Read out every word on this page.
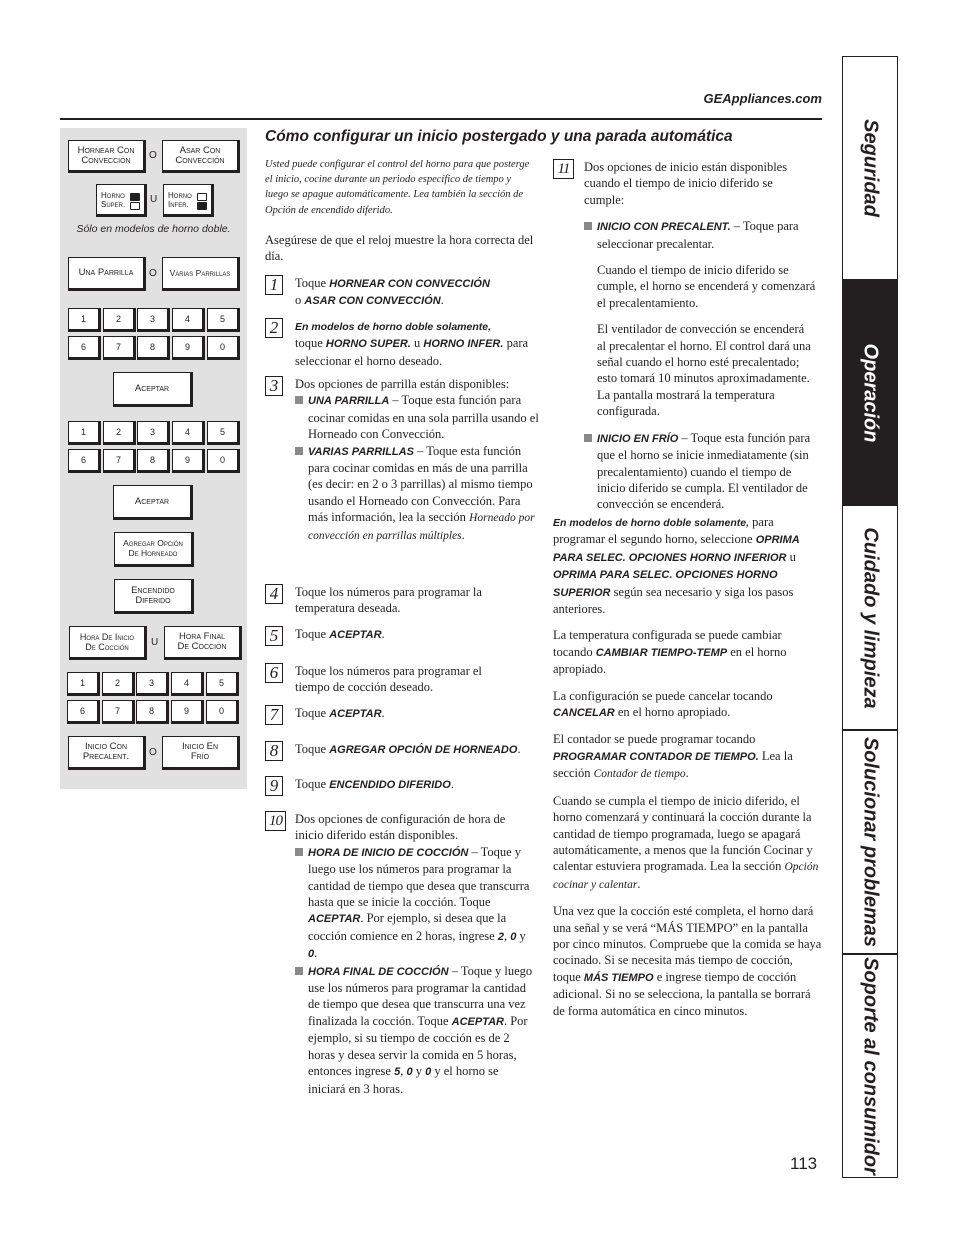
GEAppliances.com
Hornear Con
Convección	O	Asar Con
Convección
Horno
Super. U Horno
Infer.
Una Parrilla O Varias Parrillas
1	2	3	4	5
6	7	8	9	0
Aceptar
1	2	3	4	5
6	7	8	9	0
Aceptar
Agregar Opción
De Horneado
Encendido
Diferido
Hora De Inicio
De Cocción	U
Hora Final
De Cocción
1	2	3	4	5
6	7	8	9	0
Inicio Con
Precalent. O
Inicio En
Frío
Sólo en modelos de horno doble.
Cómo configurar un inicio postergado y una parada automática
Usted puede configurar el control del horno para que posterge el inicio, cocine durante un periodo específico de tiempo y luego se apague automáticamente. Lea también la sección de Opción de encendido diferido.
Asegúrese de que el reloj muestre la hora correcta del día.
1	Toque HORNEAR CON CONVECCIÓN
o ASAR CON CONVECCIÓN.
2	En modelos de horno doble solamente,
toque HORNO SUPER. u HORNO INFER. para seleccionar el horno deseado.
3	Dos opciones de parrilla están disponibles:

UNA PARRILLA – Toque esta función para cocinar comidas en una sola parrilla usando el Horneado con Convección.

VARIAS PARRILLAS – Toque esta función para cocinar comidas en más de una parrilla (es decir: en 2 o 3 parrillas) al mismo tiempo usando el Horneado con Convección. Para más información, lea la sección Horneado por convección en parrillas múltiples.

4	Toque los números para programar la temperatura deseada.
5	Toque ACEPTAR.
6	Toque los números para programar el tiempo de cocción deseado.
7	Toque ACEPTAR.
8	Toque AGREGAR OPCIÓN DE HORNEADO.
9	Toque ENCENDIDO DIFERIDO.
10	Dos opciones de configuración de hora de inicio diferido están disponibles.

HORA DE INICIO DE COCCIÓN – Toque y luego use los números para programar la cantidad de tiempo que desea que transcurra hasta que se inicie la cocción. Toque ACEPTAR. Por ejemplo, si desea que la cocción comience en 2 horas, ingrese 2, 0 y 0.

HORA FINAL DE COCCIÓN – Toque y luego use los números para programar la cantidad de tiempo que desea que transcurra una vez finalizada la cocción. Toque ACEPTAR. Por ejemplo, si su tiempo de cocción es de 2 horas y desea servir la comida en 5 horas, entonces ingrese 5, 0 y 0 y el horno se iniciará en 3 horas.

11	Dos opciones de inicio están disponibles cuando el tiempo de inicio diferido se cumple:

INICIO CON PRECALENT. – Toque para seleccionar precalentar.

Cuando el tiempo de inicio diferido se cumple, el horno se encenderá y comenzará el precalentamiento.

El ventilador de convección se encenderá al precalentar el horno. El control dará una señal cuando el horno esté precalentado; esto tomará 10 minutos aproximadamente. La pantalla mostrará la temperatura configurada.

INICIO EN FRÍO – Toque esta función para que el horno se inicie inmediatamente (sin precalentamiento) cuando el tiempo de inicio diferido se cumpla. El ventilador de convección se encenderá.

En modelos de horno doble solamente, para programar el segundo horno, seleccione OPRIMA PARA SELEC. OPCIONES HORNO INFERIOR u OPRIMA PARA SELEC. OPCIONES HORNO SUPERIOR según sea necesario y siga los pasos anteriores.

La temperatura configurada se puede cambiar tocando CAMBIAR TIEMPO-TEMP en el horno apropiado.

La configuración se puede cancelar tocando CANCELAR en el horno apropiado.

El contador se puede programar tocando PROGRAMAR CONTADOR DE TIEMPO. Lea la sección Contador de tiempo.

Cuando se cumpla el tiempo de inicio diferido, el horno comenzará y continuará la cocción durante la cantidad de tiempo programada, luego se apagará automáticamente, a menos que la función Cocinar y calentar estuviera programada. Lea la sección Opción cocinar y calentar.

Una vez que la cocción esté completa, el horno dará una señal y se verá “MÁS TIEMPO” en la pantalla por cinco minutos. Compruebe que la comida se haya cocinado. Si se necesita más tiempo de cocción, toque MÁS TIEMPO e ingrese tiempo de cocción adicional. Si no se selecciona, la pantalla se borrará de forma automática en cinco minutos.

Seguridad
Operación
Cuidado y limpieza
Solucionar problemas
Soporte al consumidor
113
